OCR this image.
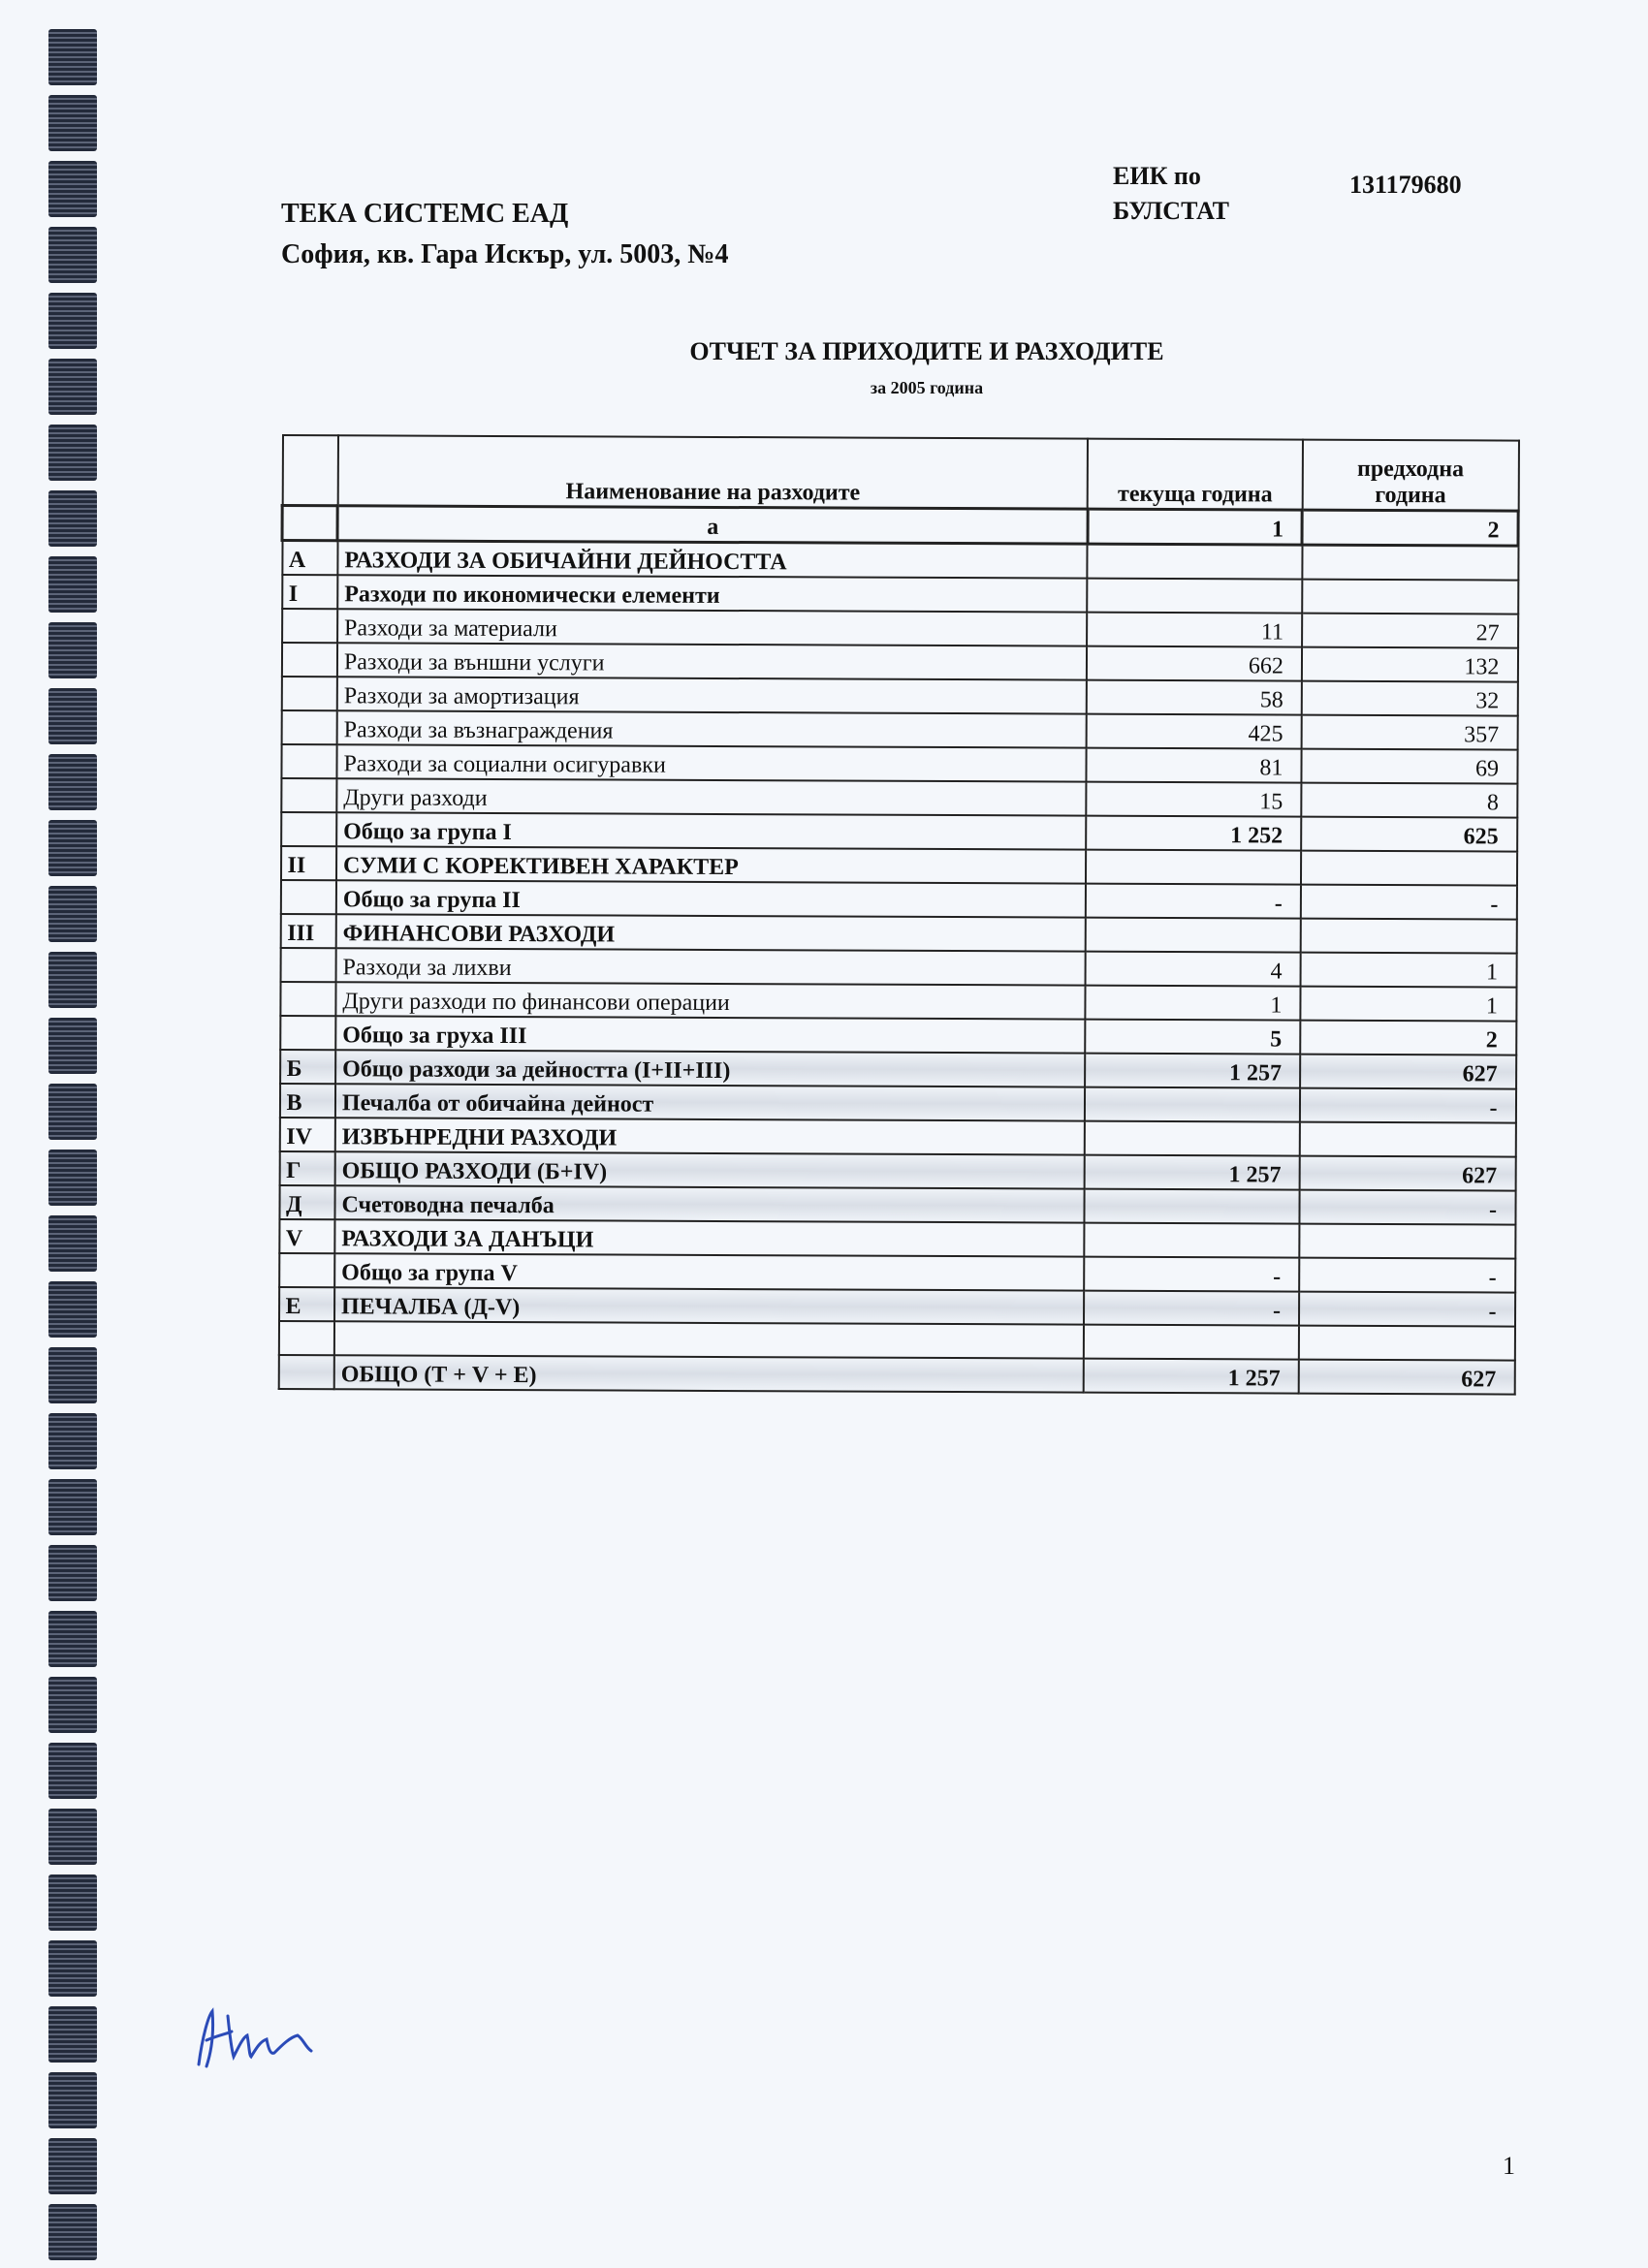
ТЕКА СИСТЕМС ЕАД
София, кв. Гара Искър, ул. 5003, №4
ЕИК по
БУЛСТАТ
131179680
ОТЧЕТ ЗА ПРИХОДИТЕ И РАЗХОДИТЕ
за 2005 година
	Наименование на разходите	текуща година	предходна
година

	а	1	2
А	РАЗХОДИ ЗА ОБИЧАЙНИ ДЕЙНОСТТА		
I	Разходи по икономически елементи		
	Разходи за материали	11	27
	Разходи за външни услуги	662	132
	Разходи за амортизация	58	32
	Разходи за възнаграждения	425	357
	Разходи за социални осигуравки	81	69
	Други разходи	15	8
	Общо за група I	1 252	625
II	СУМИ С КОРЕКТИВЕН ХАРАКТЕР		
	Общо за група II	-	-
III	ФИНАНСОВИ РАЗХОДИ		
	Разходи за лихви	4	1
	Други разходи по финансови операции	1	1
	Общо за груха III	5	2
Б	Общо разходи за дейността (I+II+III)	1 257	627
В	Печалба от обичайна дейност		-
IV	ИЗВЪНРЕДНИ РАЗХОДИ		
Г	ОБЩО РАЗХОДИ (Б+IV)	1 257	627
Д	Счетоводна печалба		-
V	РАЗХОДИ ЗА ДАНЪЦИ		
	Общо за група V	-	-
Е	ПЕЧАЛБА (Д-V)	-	-

	ОБЩО (Т + V + Е)	1 257	627
1
